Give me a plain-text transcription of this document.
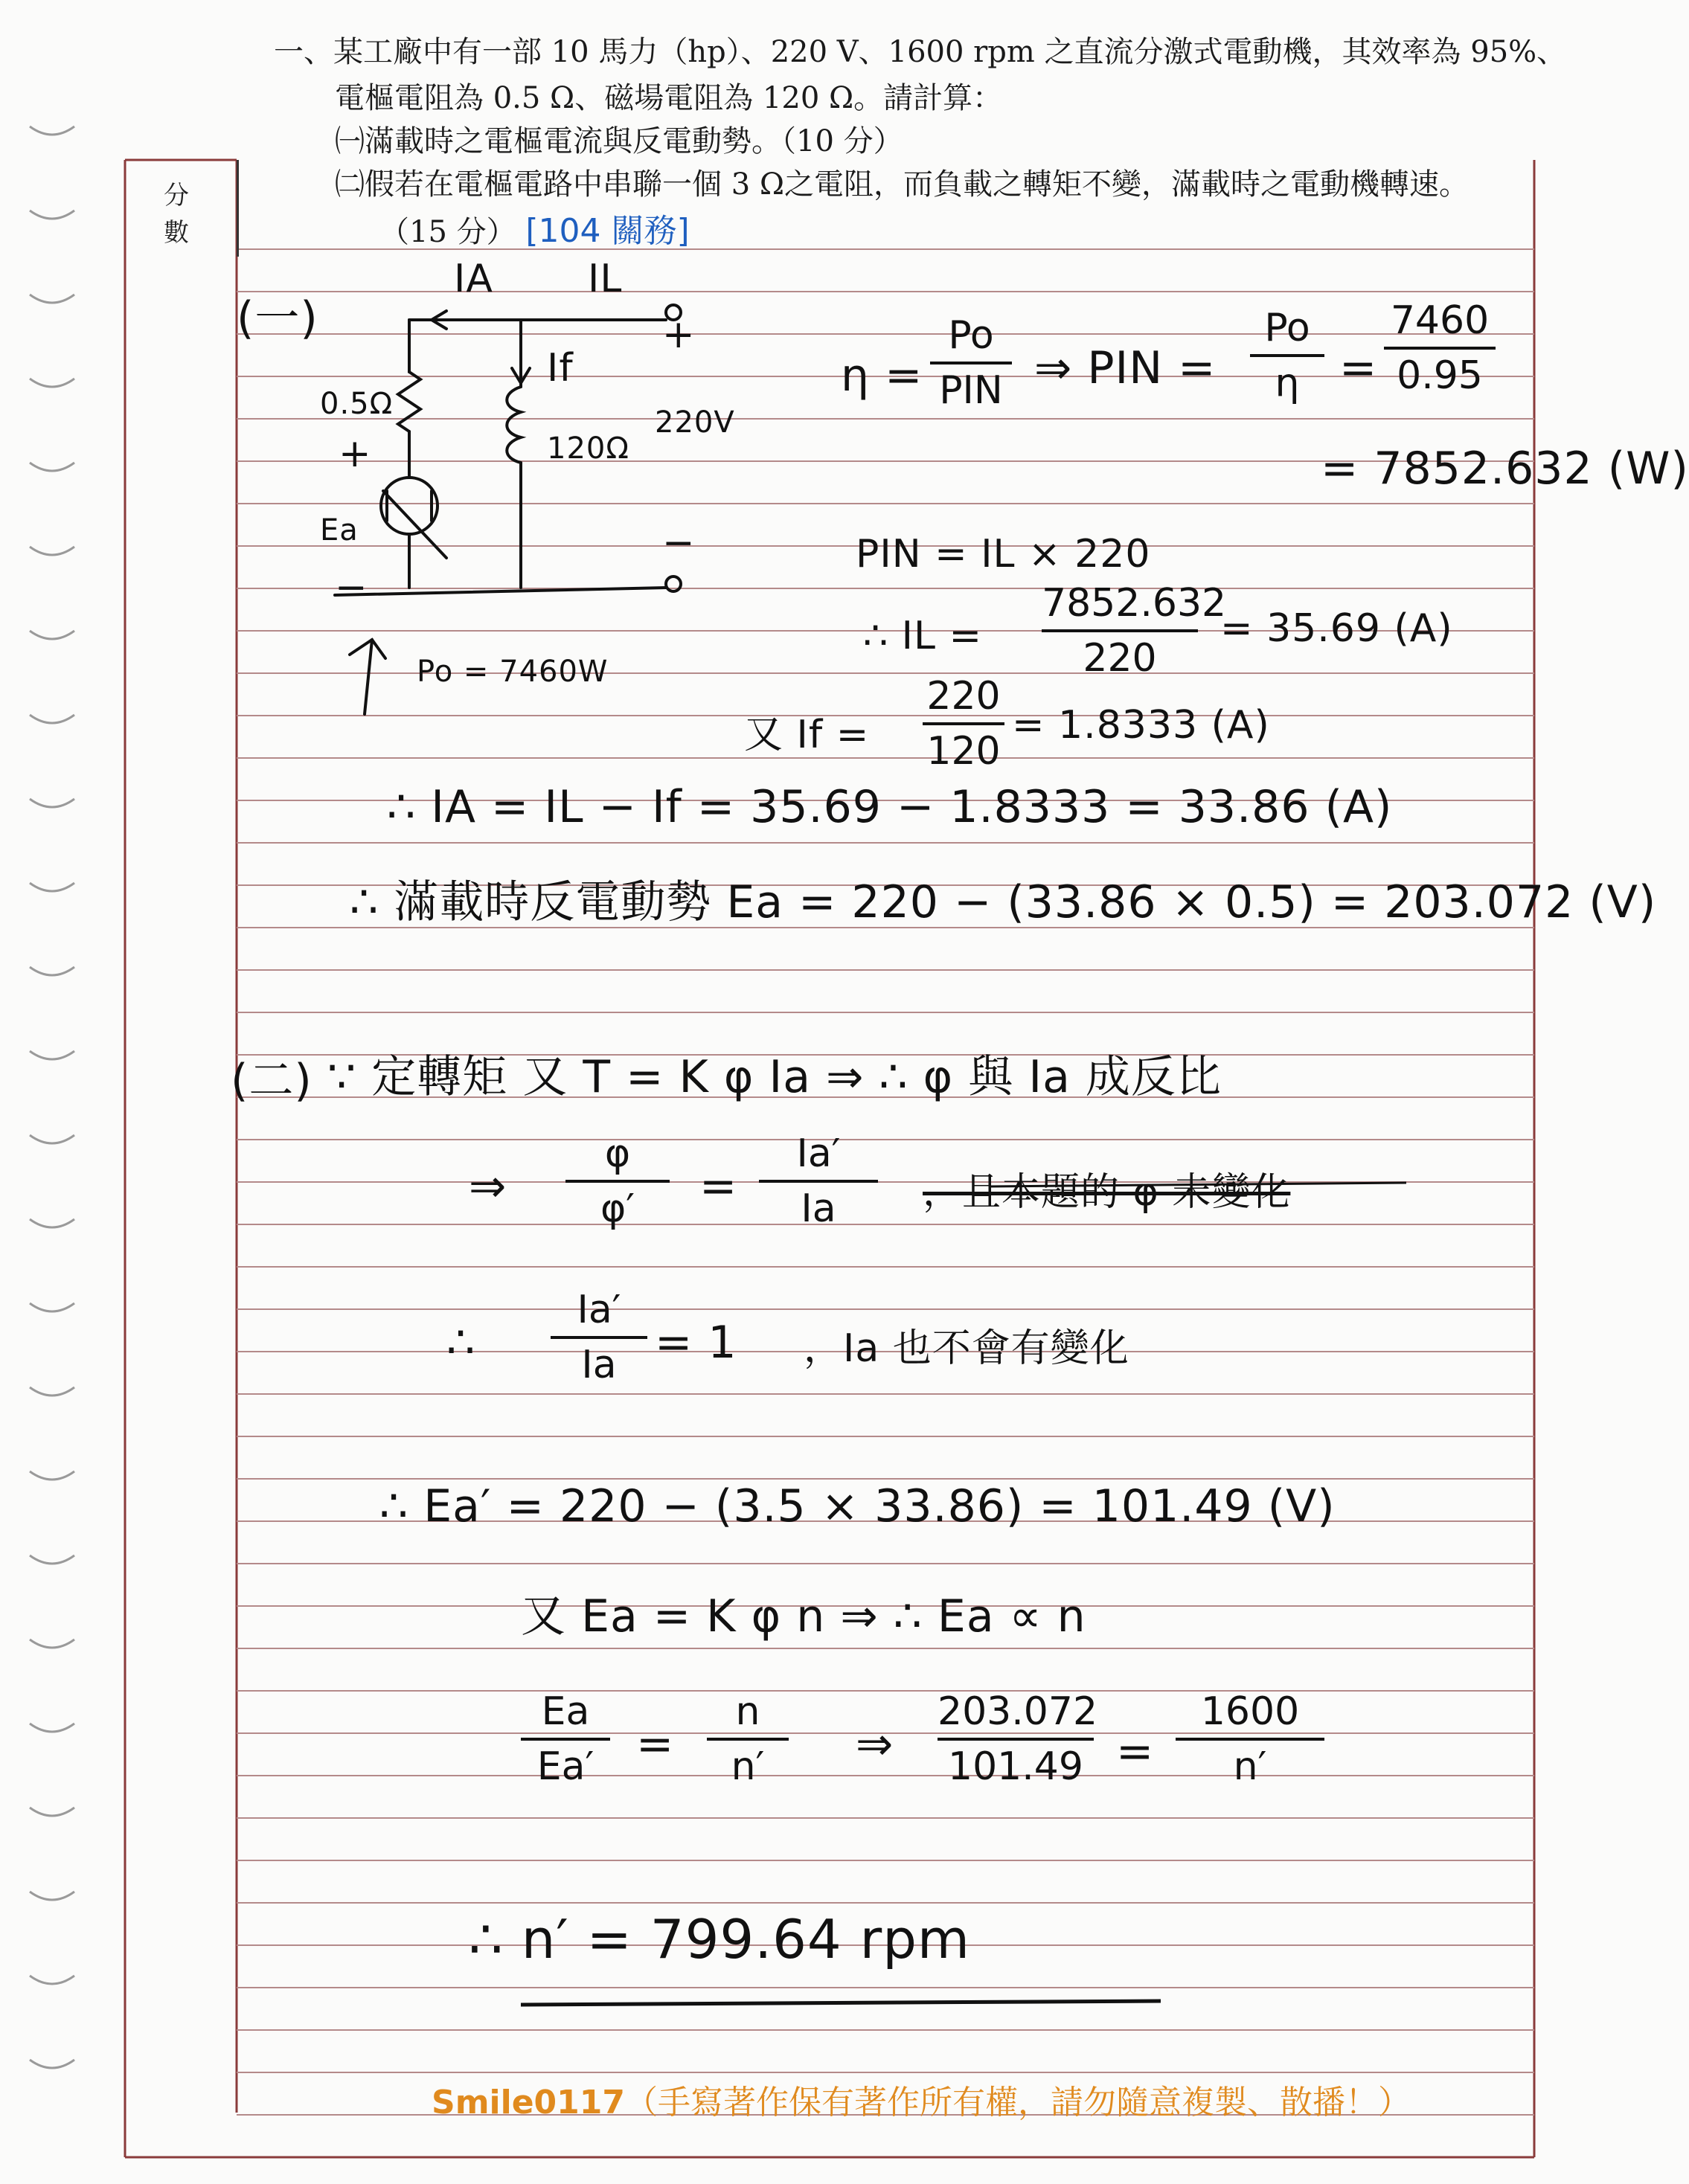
一、某工廠中有一部 10 馬力（hp）、220 V、1600 rpm 之直流分激式電動機，其效率為 95%、
電樞電阻為 0.5 Ω、磁場電阻為 120 Ω。請計算：
㈠滿載時之電樞電流與反電動勢。（10 分）
㈡假若在電樞電路中串聯一個 3 Ω之電阻，而負載之轉矩不變，滿載時之電動機轉速。
（15 分） [104 關務]
分
數
(一)
IA IL
If
0.5Ω
120Ω
220V
+
Ea
−
+
−
Po = 7460W
η =
Po
PIN ⇒ PIN =
Po
η =
7460
0.95
= 7852.632 (W)
PIN = IL × 220
∴ IL =
7852.632
220
= 35.69 (A)
又 If =
220
120
= 1.8333 (A)
∴ IA = IL − If = 35.69 − 1.8333 = 33.86 (A)
∴ 滿載時反電動勢 Ea = 220 − (33.86 × 0.5) = 203.072 (V)
(二) ∵ 定轉矩 又 T = K φ Ia ⇒ ∴ φ 與 Ia 成反比
⇒
φ
φ′	=
Ia′
Ia	，且本題的 φ 未變化
∴
Ia′
Ia = 1 ，Ia 也不會有變化
∴ Ea′ = 220 − (3.5 × 33.86) = 101.49 (V)
又 Ea = K φ n ⇒ ∴ Ea ∝ n
Ea
Ea′ =
n
n′	⇒
203.072
101.49 =
1600
n′
∴ n′ = 799.64 rpm
Smile0117（手寫著作保有著作所有權，請勿隨意複製、散播！）
